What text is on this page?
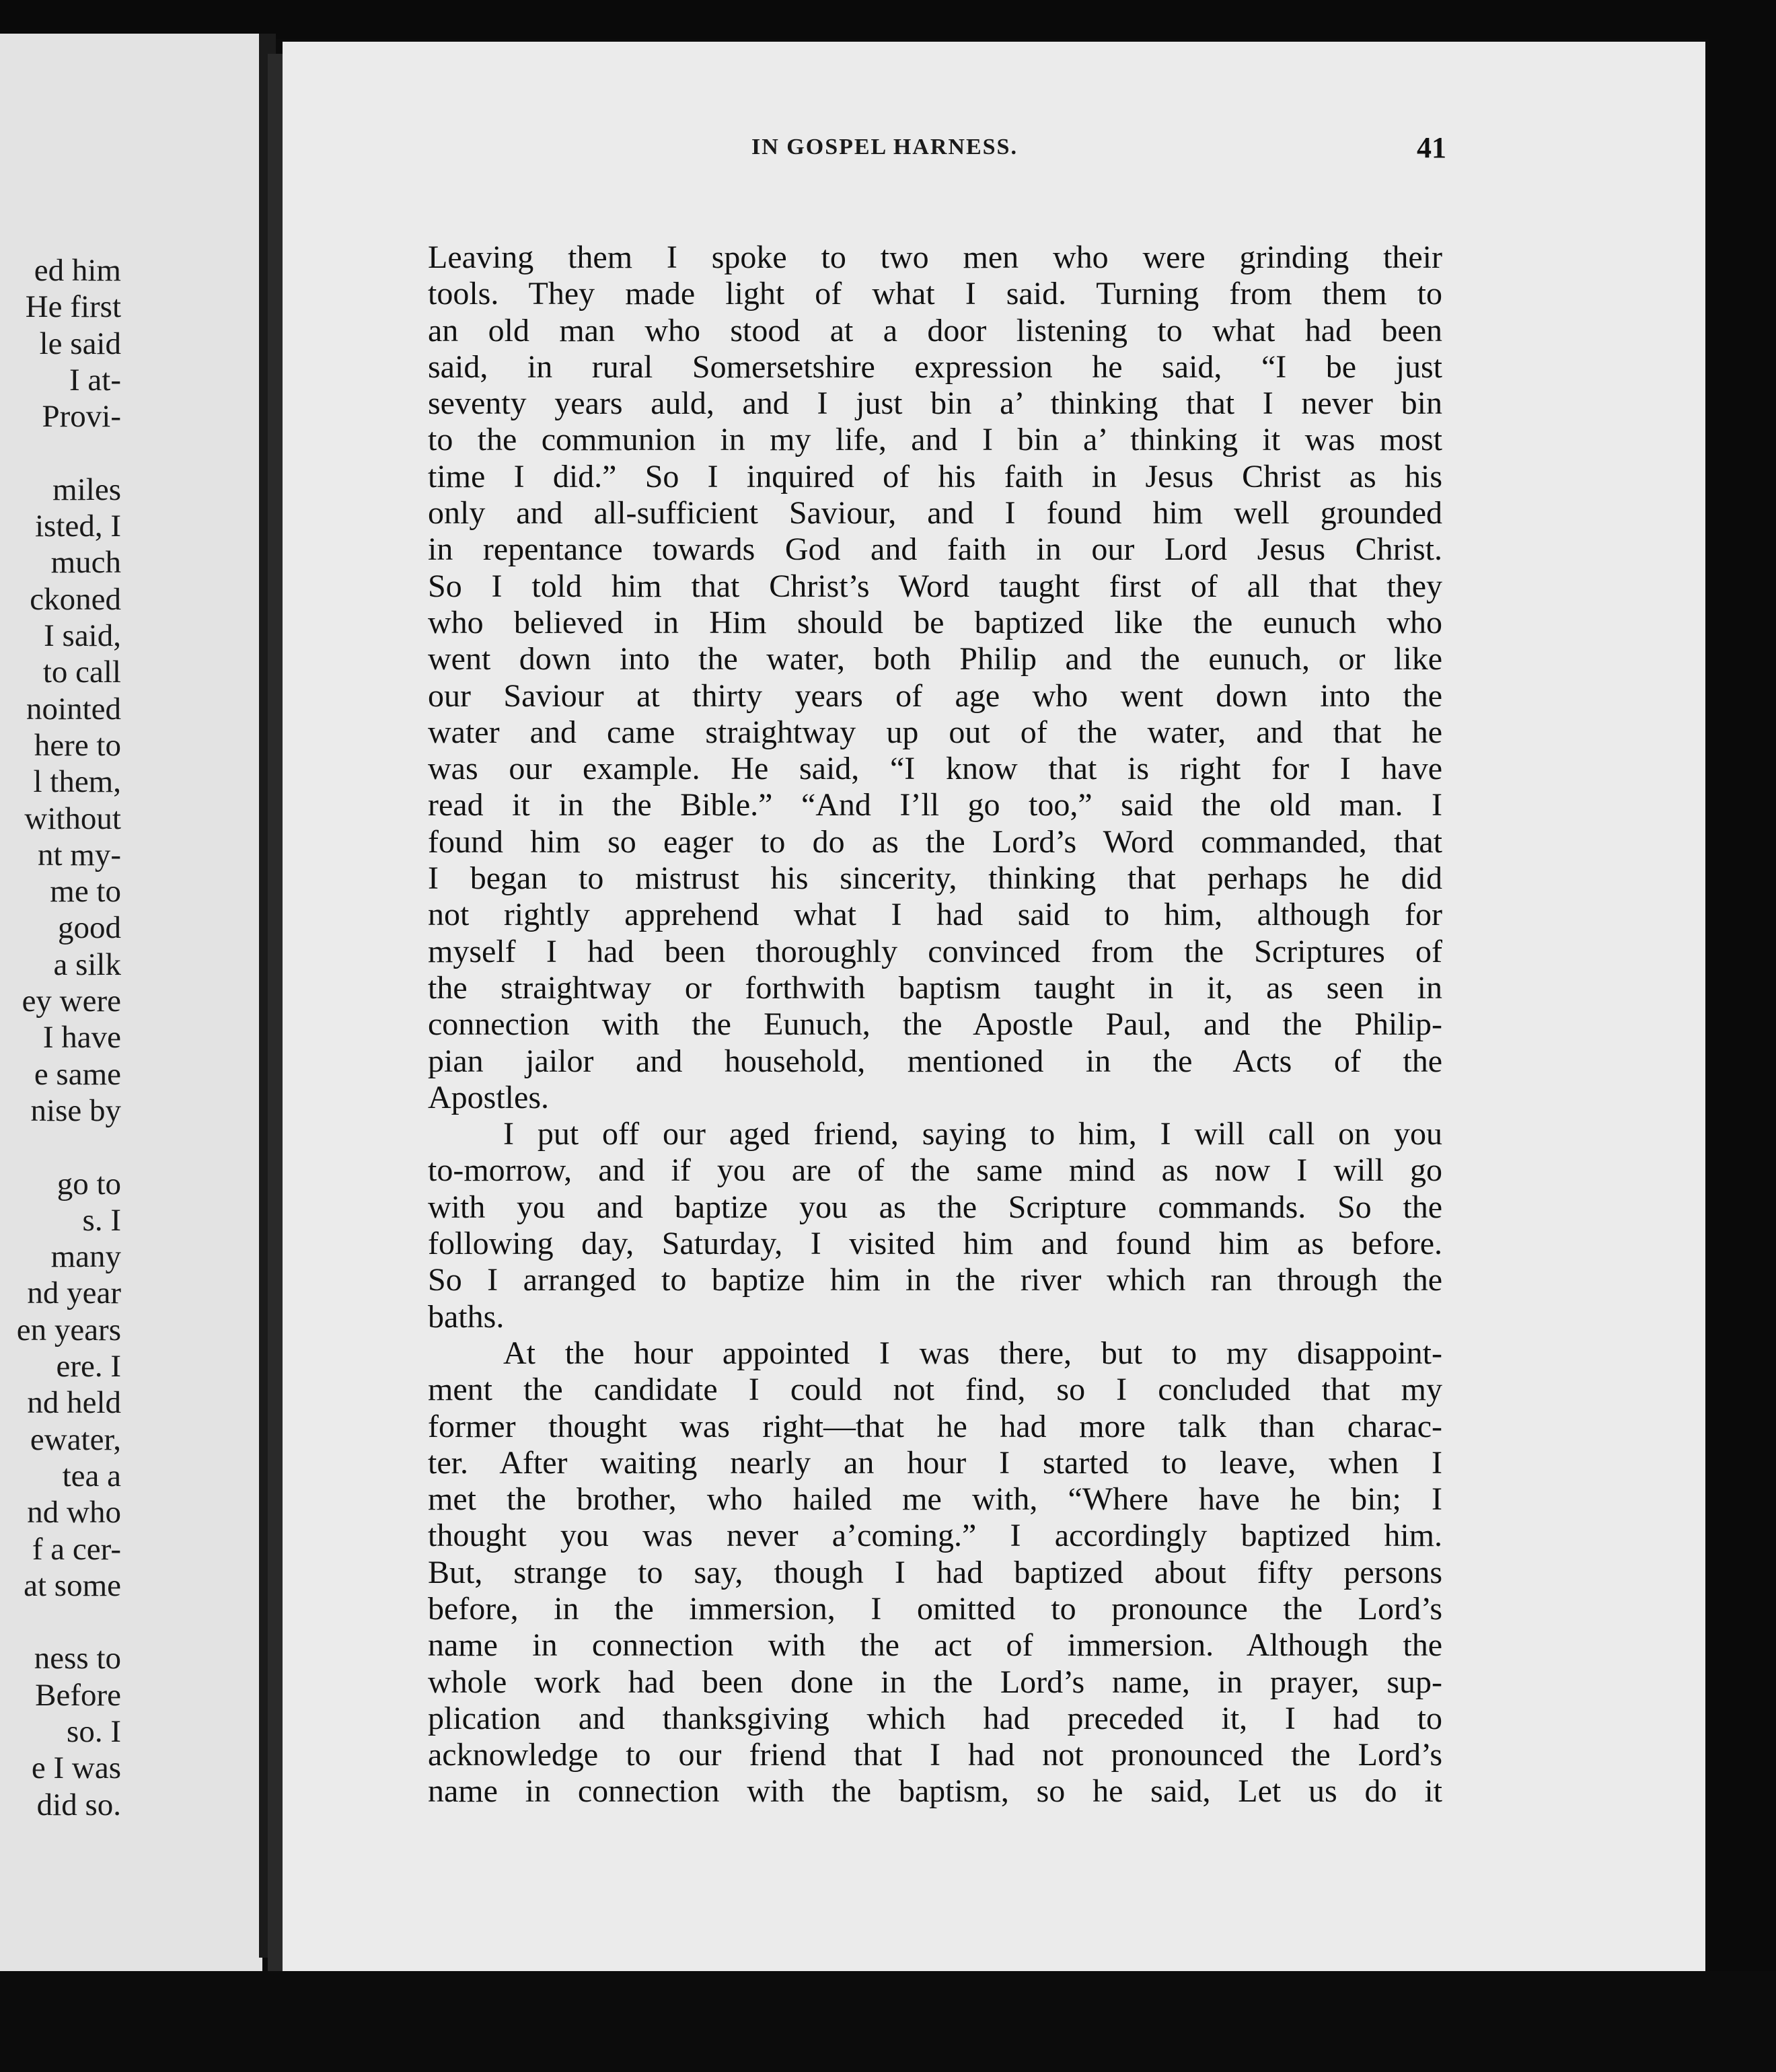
ed him
He first
le said
I at-
Provi-
miles
isted, I
much
ckoned
I said,
to call
nointed
here to
l them,
without
nt my-
me to
good
a silk
ey were
I have
e same
nise by
go to
s. I
many
nd year
en years
ere. I
nd held
ewater,
tea a
nd who
f a cer-
at some
ness to
Before
so. I
e I was
did so.
IN GOSPEL HARNESS.	41
Leaving them I spoke to two men who were grinding their
tools. They made light of what I said. Turning from them to
an old man who stood at a door listening to what had been
said, in rural Somersetshire expression he said, “I be just
seventy years auld, and I just bin a’ thinking that I never bin
to the communion in my life, and I bin a’ thinking it was most
time I did.” So I inquired of his faith in Jesus Christ as his
only and all-sufficient Saviour, and I found him well grounded
in repentance towards God and faith in our Lord Jesus Christ.
So I told him that Christ’s Word taught first of all that they
who believed in Him should be baptized like the eunuch who
went down into the water, both Philip and the eunuch, or like
our Saviour at thirty years of age who went down into the
water and came straightway up out of the water, and that he
was our example. He said, “I know that is right for I have
read it in the Bible.” “And I’ll go too,” said the old man. I
found him so eager to do as the Lord’s Word commanded, that
I began to mistrust his sincerity, thinking that perhaps he did
not rightly apprehend what I had said to him, although for
myself I had been thoroughly convinced from the Scriptures of
the straightway or forthwith baptism taught in it, as seen in
connection with the Eunuch, the Apostle Paul, and the Philip-
pian jailor and household, mentioned in the Acts of the
Apostles.
I put off our aged friend, saying to him, I will call on you
to-morrow, and if you are of the same mind as now I will go
with you and baptize you as the Scripture commands. So the
following day, Saturday, I visited him and found him as before.
So I arranged to baptize him in the river which ran through the
baths.
At the hour appointed I was there, but to my disappoint-
ment the candidate I could not find, so I concluded that my
former thought was right—that he had more talk than charac-
ter. After waiting nearly an hour I started to leave, when I
met the brother, who hailed me with, “Where have he bin; I
thought you was never a’coming.” I accordingly baptized him.
But, strange to say, though I had baptized about fifty persons
before, in the immersion, I omitted to pronounce the Lord’s
name in connection with the act of immersion. Although the
whole work had been done in the Lord’s name, in prayer, sup-
plication and thanksgiving which had preceded it, I had to
acknowledge to our friend that I had not pronounced the Lord’s
name in connection with the baptism, so he said, Let us do it
